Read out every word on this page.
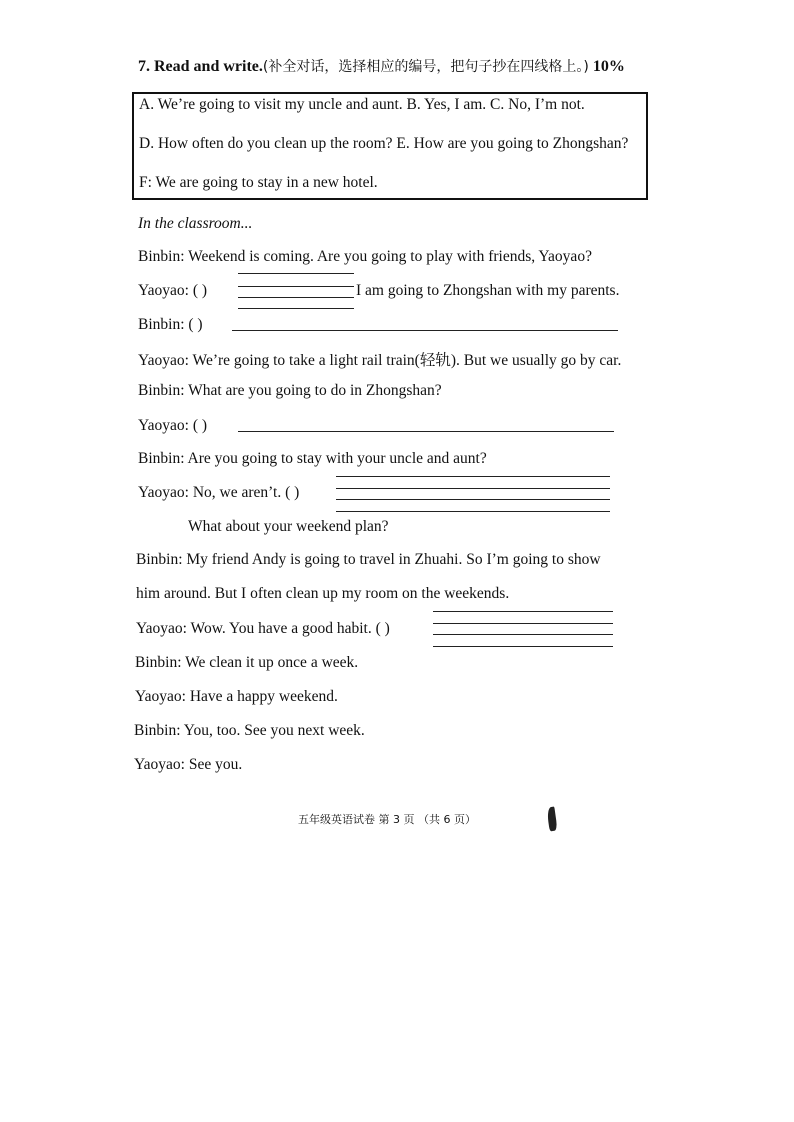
7. Read and write.(补全对话，选择相应的编号，把句子抄在四线格上。) 10%
A. We’re going to visit my uncle and aunt. B. Yes, I am. C. No, I’m not.
D. How often do you clean up the room? E. How are you going to Zhongshan?
F: We are going to stay in a new hotel.
In the classroom...
Binbin: Weekend is coming. Are you going to play with friends, Yaoyao?
Yaoyao: ( )	I am going to Zhongshan with my parents.
Binbin: ( )
Yaoyao: We’re going to take a light rail train(轻轨). But we usually go by car.
Binbin: What are you going to do in Zhongshan?
Yaoyao: ( )
Binbin: Are you going to stay with your uncle and aunt?
Yaoyao: No, we aren’t. ( )
What about your weekend plan?
Binbin: My friend Andy is going to travel in Zhuahi. So I’m going to show
him around. But I often clean up my room on the weekends.
Yaoyao: Wow. You have a good habit. ( )
Binbin: We clean it up once a week.
Yaoyao: Have a happy weekend.
Binbin: You, too. See you next week.
Yaoyao: See you.
五年级英语试卷 第 3 页 （共 6 页）
